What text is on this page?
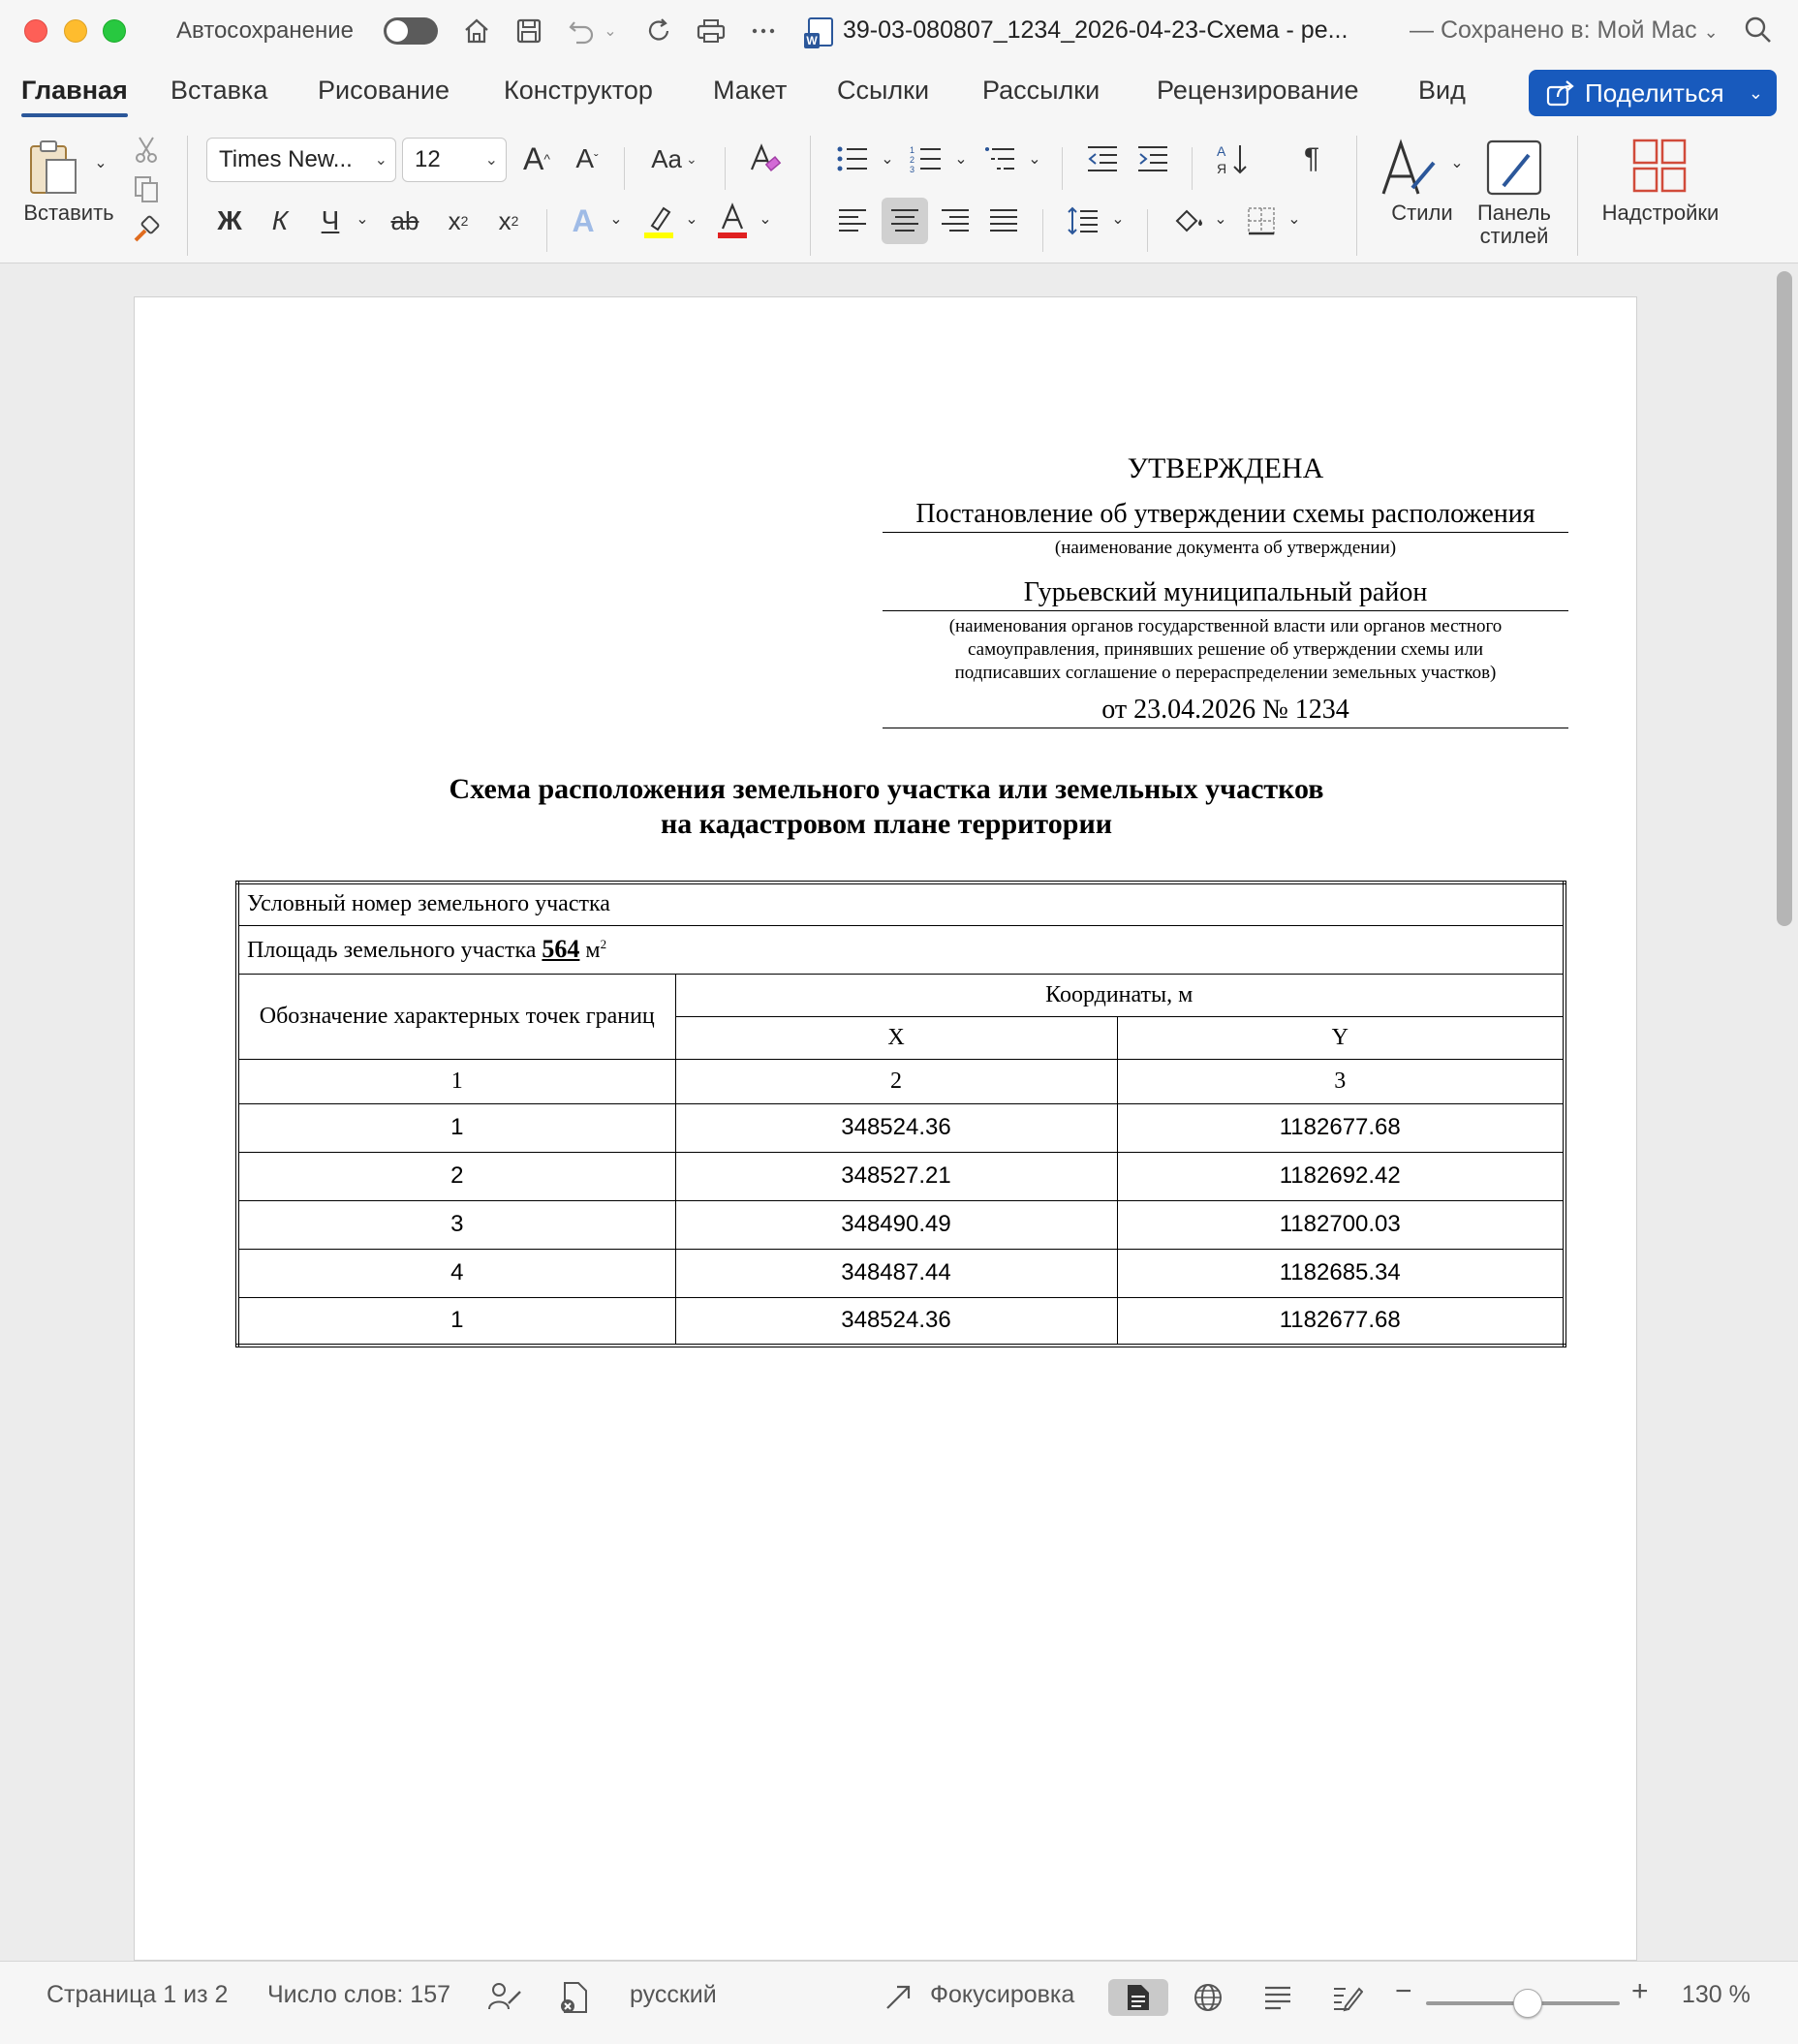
Автосохранение	⌄ W	39-03-080807_1234_2026-04-23-Схема - ре...	— Сохранено в: Мой Mac ⌄
Главная Вставка Рисование Конструктор Макет Ссылки Рассылки Рецензирование Вид	Поделиться ⌄
⌄
Вставить
Times New... ⌄ 12	⌄ A ^ A ˇ Aa ⌄
Ж	К	Ч	⌄ ab x 2 x 2 A ⌄	⌄	⌄
⌄
1
2
3
⌄	⌄	A
Я	¶
⌄	⌄	⌄
⌄
Стили	Панель стилей
Надстройки
УТВЕРЖДЕНА
Постановление об утверждении схемы расположения
(наименование документа об утверждении)
Гурьевский муниципальный район
(наименования органов государственной власти или органов местного
самоуправления, принявших решение об утверждении схемы или
подписавших соглашение о перераспределении земельных участков)
от 23.04.2026 № 1234
Схема расположения земельного участка или земельных участков
на кадастровом плане территории
Условный номер земельного участка		
Площадь земельного участка 564 $м^2$
Обозначение характерных точек границ	Координаты, м	
	X	Y
1	2	3
1	348524.36	1182677.68
2	348527.21	1182692.42
3	348490.49	1182700.03
4	348487.44	1182685.34
1	348524.36	1182677.68
Страница 1 из 2 Число слов: 157	русский	Фокусировка	−	+ 130 %
